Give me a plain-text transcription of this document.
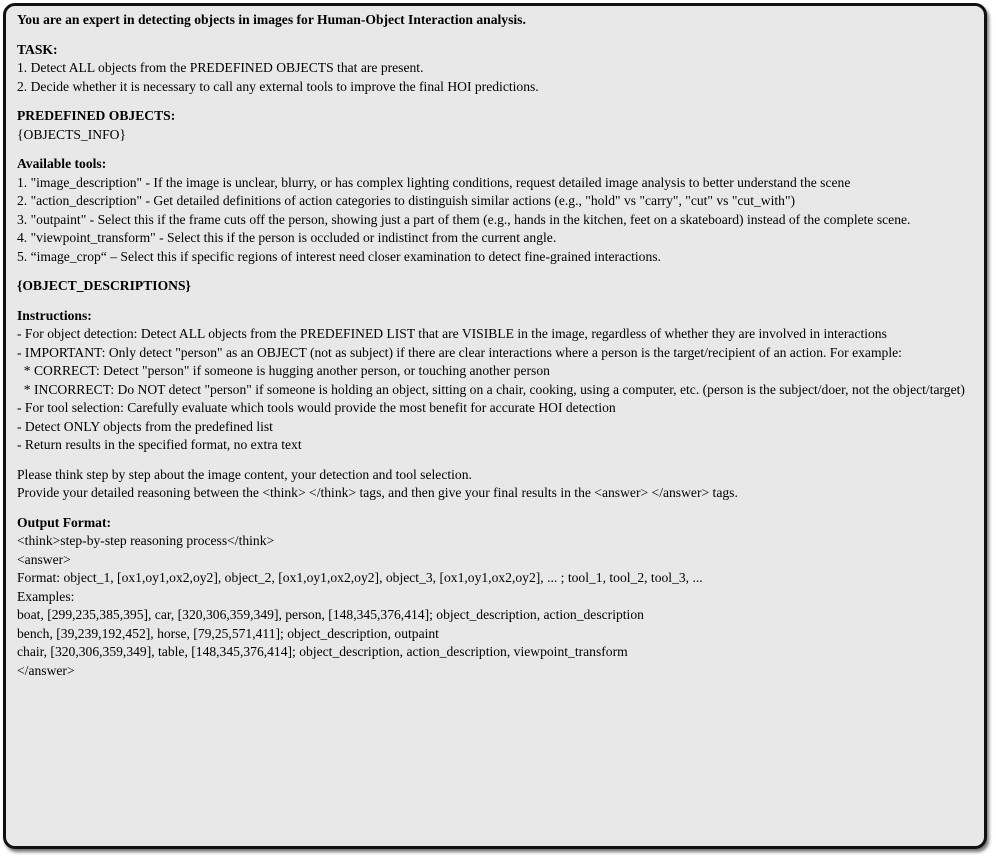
You are an expert in detecting objects in images for Human-Object Interaction analysis.
TASK:
1. Detect ALL objects from the PREDEFINED OBJECTS that are present.
2. Decide whether it is necessary to call any external tools to improve the final HOI predictions.
PREDEFINED OBJECTS:
{OBJECTS_INFO}
Available tools:
1. "image_description" - If the image is unclear, blurry, or has complex lighting conditions, request detailed image analysis to better understand the scene
2. "action_description" - Get detailed definitions of action categories to distinguish similar actions (e.g., "hold" vs "carry", "cut" vs "cut_with")
3. "outpaint" - Select this if the frame cuts off the person, showing just a part of them (e.g., hands in the kitchen, feet on a skateboard) instead of the complete scene.
4. "viewpoint_transform" - Select this if the person is occluded or indistinct from the current angle.
5. “image_crop“ – Select this if specific regions of interest need closer examination to detect fine-grained interactions.
{OBJECT_DESCRIPTIONS}
Instructions:
- For object detection: Detect ALL objects from the PREDEFINED LIST that are VISIBLE in the image, regardless of whether they are involved in interactions
- IMPORTANT: Only detect "person" as an OBJECT (not as subject) if there are clear interactions where a person is the target/recipient of an action. For example:
* CORRECT: Detect "person" if someone is hugging another person, or touching another person
* INCORRECT: Do NOT detect "person" if someone is holding an object, sitting on a chair, cooking, using a computer, etc. (person is the subject/doer, not the object/target)
- For tool selection: Carefully evaluate which tools would provide the most benefit for accurate HOI detection
- Detect ONLY objects from the predefined list
- Return results in the specified format, no extra text
Please think step by step about the image content, your detection and tool selection.
Provide your detailed reasoning between the <think> </think> tags, and then give your final results in the <answer> </answer> tags.
Output Format:
<think>step-by-step reasoning process</think>
<answer>
Format: object_1, [ox1,oy1,ox2,oy2], object_2, [ox1,oy1,ox2,oy2], object_3, [ox1,oy1,ox2,oy2], ... ; tool_1, tool_2, tool_3, ...
Examples:
boat, [299,235,385,395], car, [320,306,359,349], person, [148,345,376,414]; object_description, action_description
bench, [39,239,192,452], horse, [79,25,571,411]; object_description, outpaint
chair, [320,306,359,349], table, [148,345,376,414]; object_description, action_description, viewpoint_transform
</answer>
